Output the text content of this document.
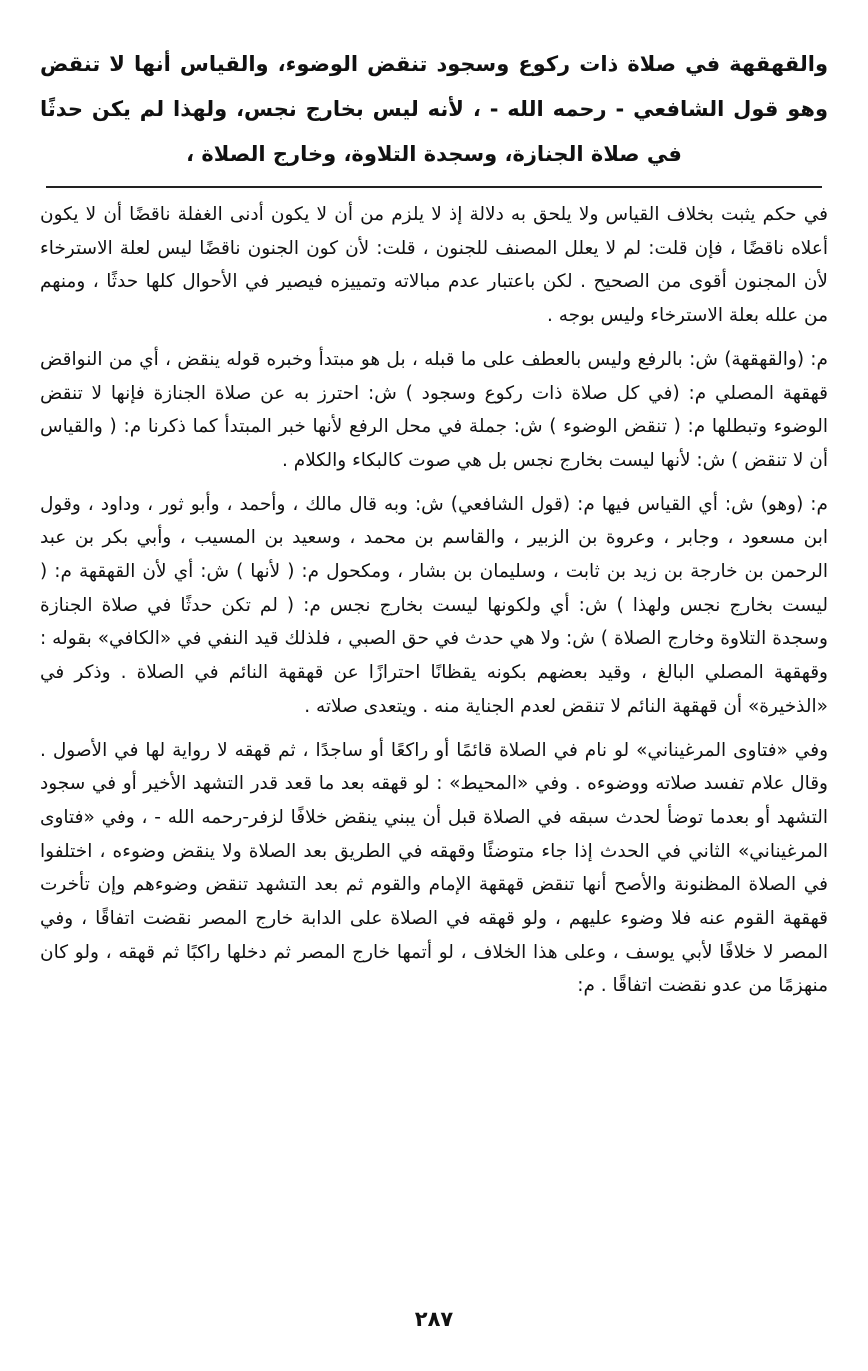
والقهقهة في صلاة ذات ركوع وسجود تنقض الوضوء، والقياس أنها لا تنقض وهو قول الشافعي - رحمه الله - ، لأنه ليس بخارج نجس، ولهذا لم يكن حدثًا في صلاة الجنازة، وسجدة التلاوة، وخارج الصلاة ،

في حكم يثبت بخلاف القياس ولا يلحق به دلالة إذ لا يلزم من أن لا يكون أدنى الغفلة ناقضًا أن لا يكون أعلاه ناقضًا ، فإن قلت: لم لا يعلل المصنف للجنون ، قلت: لأن كون الجنون ناقضًا ليس لعلة الاسترخاء لأن المجنون أقوى من الصحيح . لكن باعتبار عدم مبالاته وتمييزه فيصير في الأحوال كلها حدثًا ، ومنهم من علله بعلة الاسترخاء وليس بوجه .

م: (والقهقهة) ش: بالرفع وليس بالعطف على ما قبله ، بل هو مبتدأ وخبره قوله ينقض ، أي من النواقض قهقهة المصلي م: (في كل صلاة ذات ركوع وسجود ) ش: احترز به عن صلاة الجنازة فإنها لا تنقض الوضوء وتبطلها م: ( تنقض الوضوء ) ش: جملة في محل الرفع لأنها خبر المبتدأ كما ذكرنا م: ( والقياس أن لا تنقض ) ش: لأنها ليست بخارج نجس بل هي صوت كالبكاء والكلام .

م: (وهو) ش: أي القياس فيها م: (قول الشافعي) ش: وبه قال مالك ، وأحمد ، وأبو ثور ، وداود ، وقول ابن مسعود ، وجابر ، وعروة بن الزبير ، والقاسم بن محمد ، وسعيد بن المسيب ، وأبي بكر بن عبد الرحمن بن خارجة بن زيد بن ثابت ، وسليمان بن بشار ، ومكحول م: ( لأنها ) ش: أي لأن القهقهة م: ( ليست بخارج نجس ولهذا ) ش: أي ولكونها ليست بخارج نجس م: ( لم تكن حدثًا في صلاة الجنازة وسجدة التلاوة وخارج الصلاة ) ش: ولا هي حدث في حق الصبي ، فلذلك قيد النفي في «الكافي» بقوله : وقهقهة المصلي البالغ ، وقيد بعضهم بكونه يقظانًا احترازًا عن قهقهة النائم في الصلاة . وذكر في «الذخيرة» أن قهقهة النائم لا تنقض لعدم الجناية منه . ويتعدى صلاته .

وفي «فتاوى المرغيناني» لو نام في الصلاة قائمًا أو راكعًا أو ساجدًا ، ثم قهقه لا رواية لها في الأصول . وقال علام تفسد صلاته ووضوءه . وفي «المحيط» : لو قهقه بعد ما قعد قدر التشهد الأخير أو في سجود التشهد أو بعدما توضأ لحدث سبقه في الصلاة قبل أن يبني ينقض خلافًا لزفر-رحمه الله - ، وفي «فتاوى المرغيناني» الثاني في الحدث إذا جاء متوضئًا وقهقه في الطريق بعد الصلاة ولا ينقض وضوءه ، اختلفوا في الصلاة المظنونة والأصح أنها تنقض قهقهة الإمام والقوم ثم بعد التشهد تنقض وضوءهم وإن تأخرت قهقهة القوم عنه فلا وضوء عليهم ، ولو قهقه في الصلاة على الدابة خارج المصر نقضت اتفاقًا ، وفي المصر لا خلافًا لأبي يوسف ، وعلى هذا الخلاف ، لو أتمها خارج المصر ثم دخلها راكبًا ثم قهقه ، ولو كان منهزمًا من عدو نقضت اتفاقًا . م:

٢٨٧
